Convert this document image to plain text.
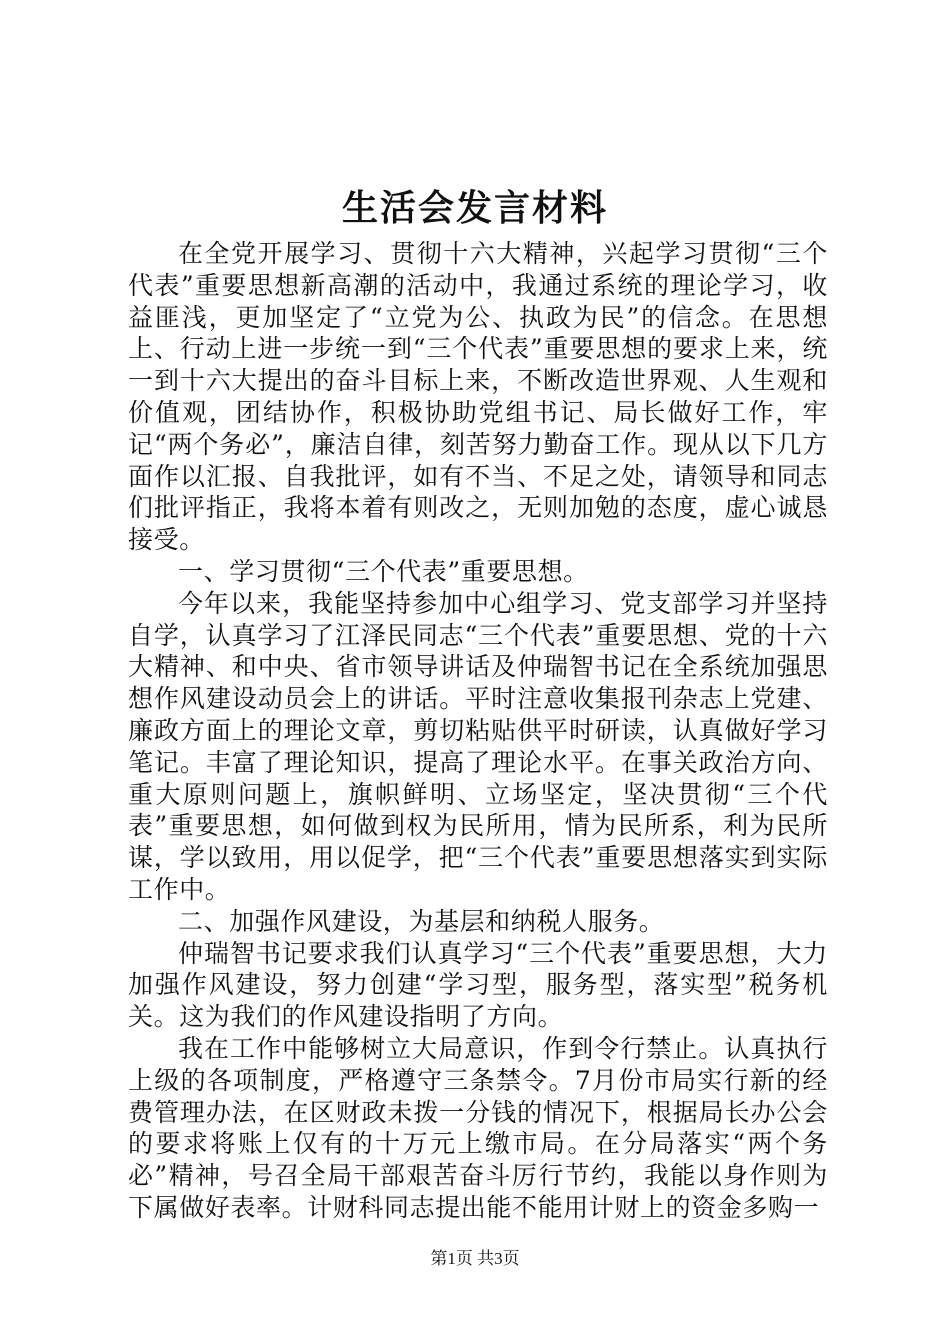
生活会发言材料

在全党开展学习、贯彻十六大精神，兴起学习贯彻“三个代表”重要思想新高潮的活动中，我通过系统的理论学习，收益匪浅，更加坚定了“立党为公、执政为民”的信念。在思想上、行动上进一步统一到“三个代表”重要思想的要求上来，统一到十六大提出的奋斗目标上来，不断改造世界观、人生观和价值观，团结协作，积极协助党组书记、局长做好工作，牢记“两个务必”，廉洁自律，刻苦努力勤奋工作。现从以下几方面作以汇报、自我批评，如有不当、不足之处，请领导和同志们批评指正，我将本着有则改之，无则加勉的态度，虚心诚恳接受。

一、学习贯彻“三个代表”重要思想。

今年以来，我能坚持参加中心组学习、党支部学习并坚持自学，认真学习了江泽民同志“三个代表”重要思想、党的十六大精神、和中央、省市领导讲话及仲瑞智书记在全系统加强思想作风建设动员会上的讲话。平时注意收集报刊杂志上党建、廉政方面上的理论文章，剪切粘贴供平时研读，认真做好学习笔记。丰富了理论知识，提高了理论水平。在事关政治方向、重大原则问题上，旗帜鲜明、立场坚定，坚决贯彻“三个代表”重要思想，如何做到权为民所用，情为民所系，利为民所谋，学以致用，用以促学，把“三个代表”重要思想落实到实际工作中。

二、加强作风建设，为基层和纳税人服务。

仲瑞智书记要求我们认真学习“三个代表”重要思想，大力加强作风建设，努力创建“学习型，服务型，落实型”税务机关。这为我们的作风建设指明了方向。

我在工作中能够树立大局意识，作到令行禁止。认真执行上级的各项制度，严格遵守三条禁令。7月份市局实行新的经费管理办法，在区财政未拨一分钱的情况下，根据局长办公会的要求将账上仅有的十万元上缴市局。在分局落实“两个务必”精神，号召全局干部艰苦奋斗厉行节约，我能以身作则为下属做好表率。计财科同志提出能不能用计财上的资金多购一

第1页 共3页
